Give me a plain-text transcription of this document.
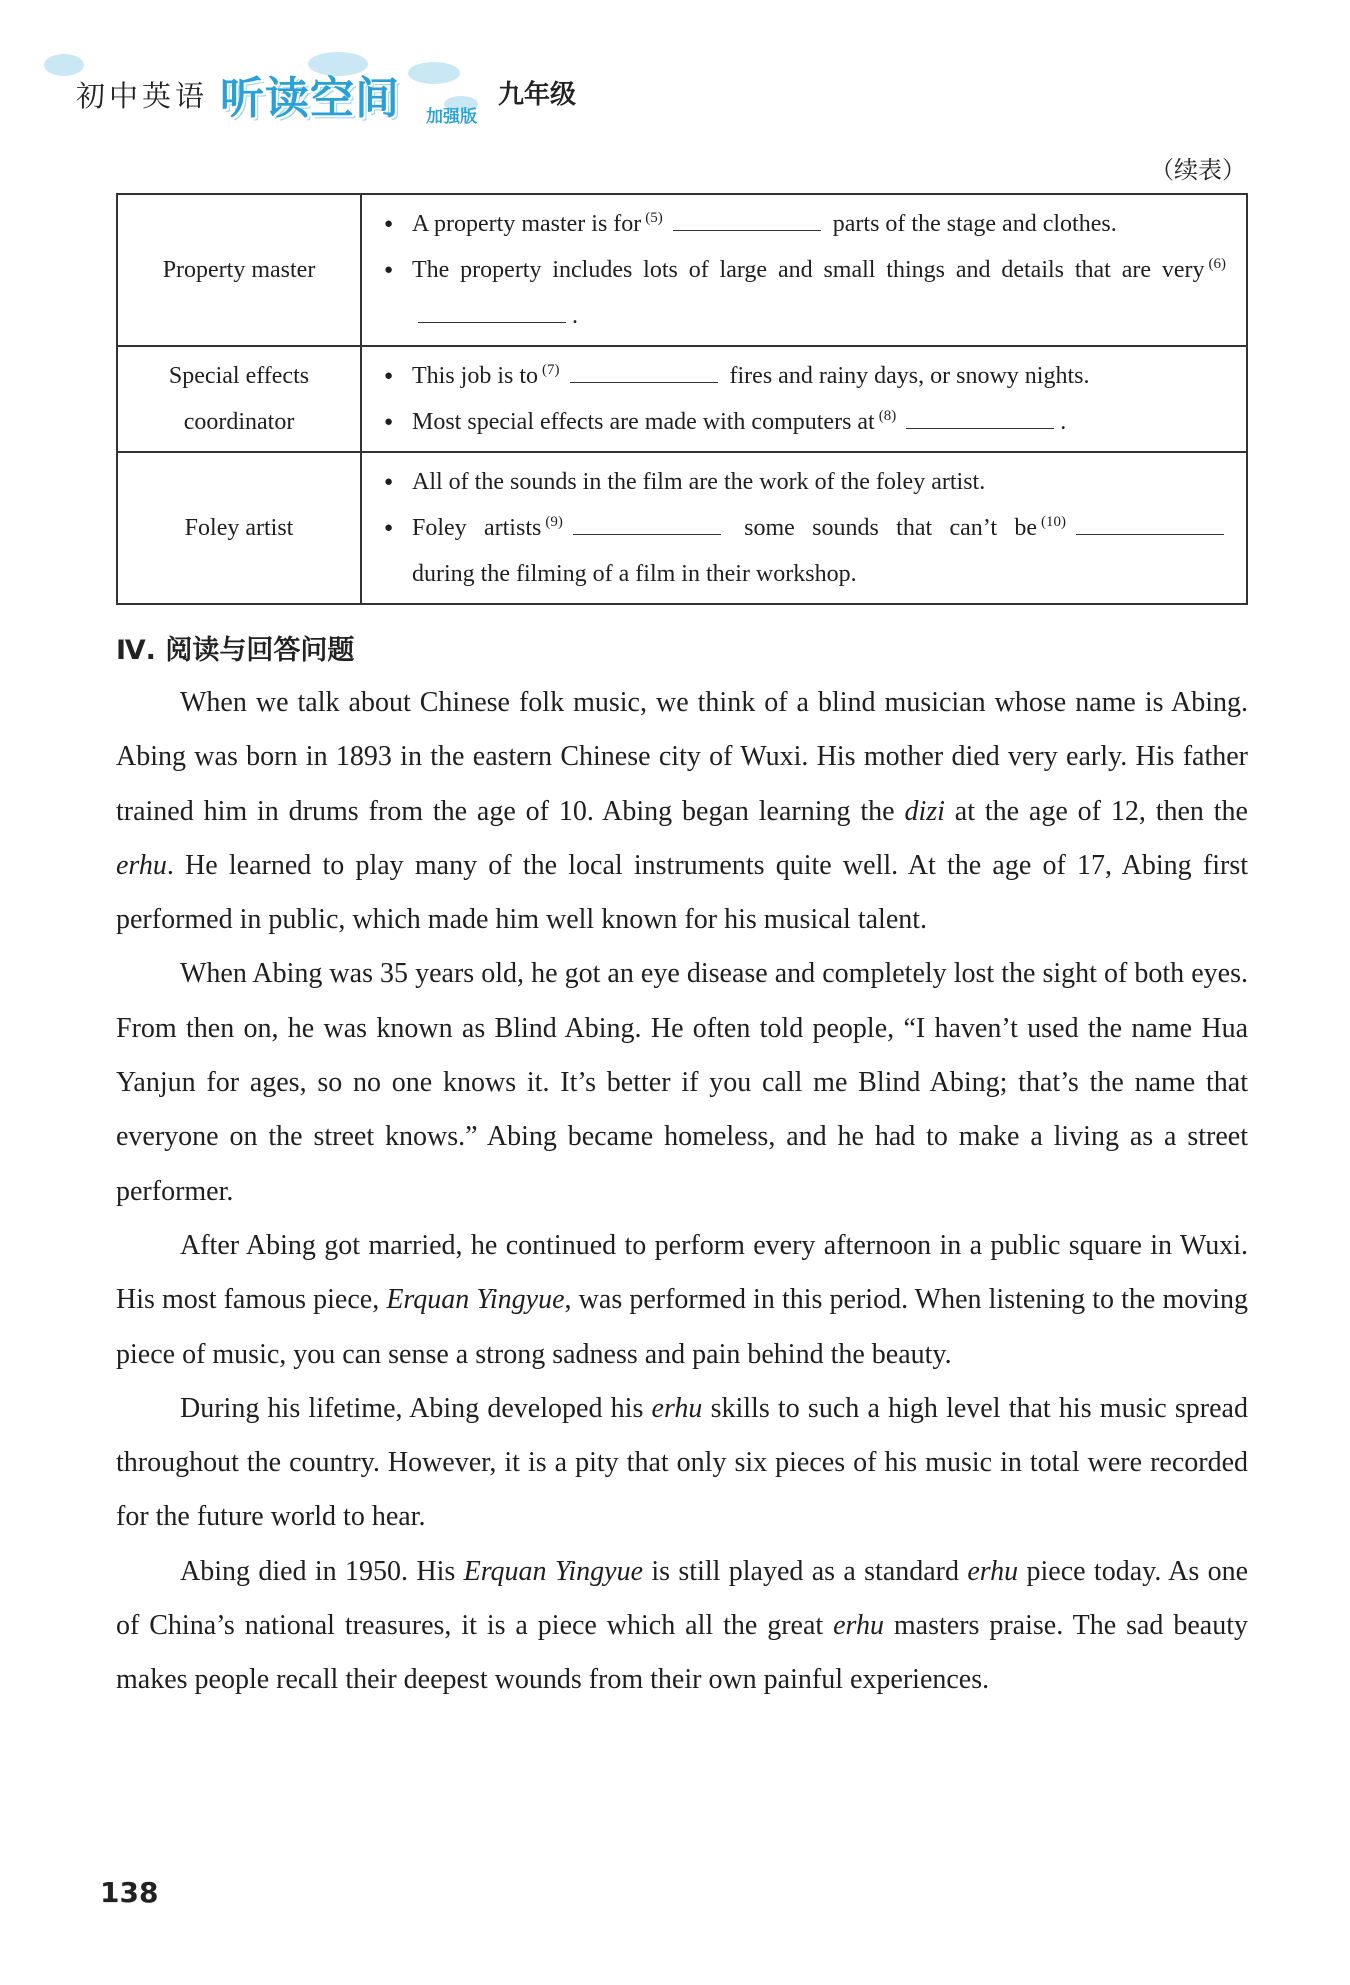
初中英语 听读空间 加强版
九年级
（续表）
Property master	● A property master is for $^{(5)}$ parts of the stage and clothes.
● The property includes lots of large and small things and details that are very $^{(6)}$.

Special effects coordinator	● This job is to $^{(7)}$ fires and rainy days, or snowy nights.
● Most special effects are made with computers at $^{(8)}$ .

Foley artist	● All of the sounds in the film are the work of the foley artist.
● Foley artists $^{(9)}$ some sounds that can’t be $^{(10)}$ during the filming of a film in their workshop.
Ⅳ. 阅读与回答问题

When we talk about Chinese folk music, we think of a blind musician whose name is Abing. Abing was born in 1893 in the eastern Chinese city of Wuxi. His mother died very early. His father trained him in drums from the age of 10. Abing began learning the dizi at the age of 12, then the erhu. He learned to play many of the local instruments quite well. At the age of 17, Abing first performed in public, which made him well known for his musical talent.

When Abing was 35 years old, he got an eye disease and completely lost the sight of both eyes. From then on, he was known as Blind Abing. He often told people, “I haven’t used the name Hua Yanjun for ages, so no one knows it. It’s better if you call me Blind Abing; that’s the name that everyone on the street knows.” Abing became homeless, and he had to make a living as a street performer.

After Abing got married, he continued to perform every afternoon in a public square in Wuxi. His most famous piece, Erquan Yingyue, was performed in this period. When listening to the moving piece of music, you can sense a strong sadness and pain behind the beauty.

During his lifetime, Abing developed his erhu skills to such a high level that his music spread throughout the country. However, it is a pity that only six pieces of his music in total were recorded for the future world to hear.

Abing died in 1950. His Erquan Yingyue is still played as a standard erhu piece today. As one of China’s national treasures, it is a piece which all the great erhu masters praise. The sad beauty makes people recall their deepest wounds from their own painful experiences.

138
